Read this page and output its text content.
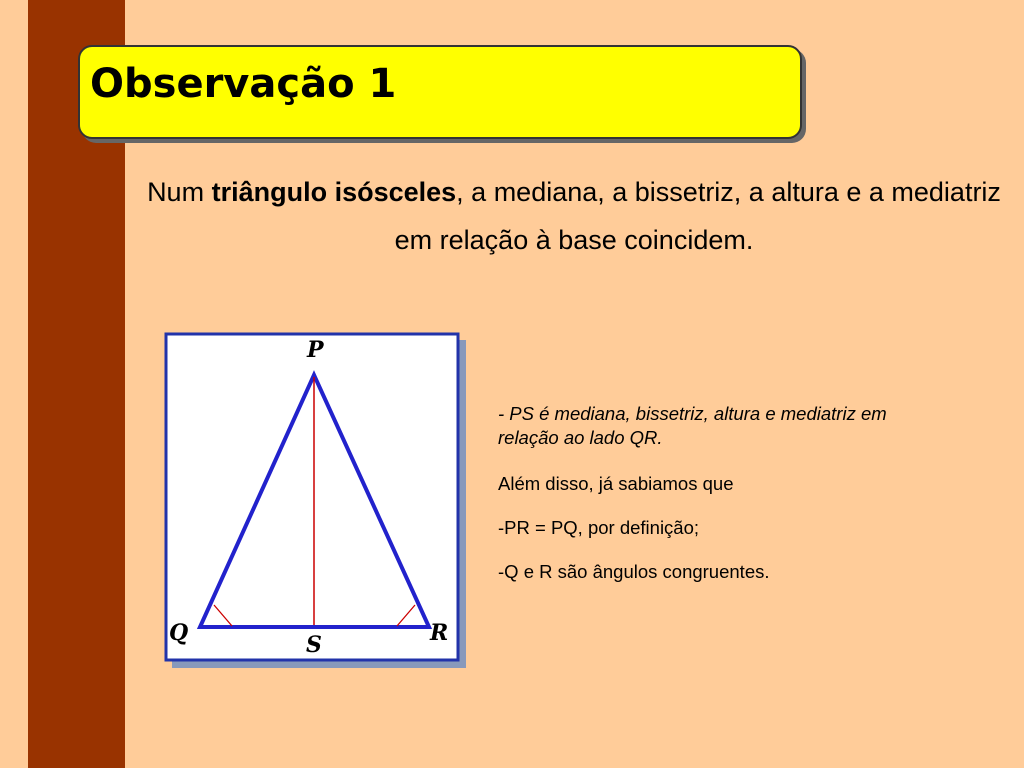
Observação 1
Num triângulo isósceles, a mediana, a bissetriz, a altura e a mediatriz em relação à base coincidem.
P
Q	R
S

- PS é mediana, bissetriz, altura e mediatriz em relação ao lado QR.

Além disso, já sabiamos que

-PR = PQ, por definição;

-Q e R são ângulos congruentes.
